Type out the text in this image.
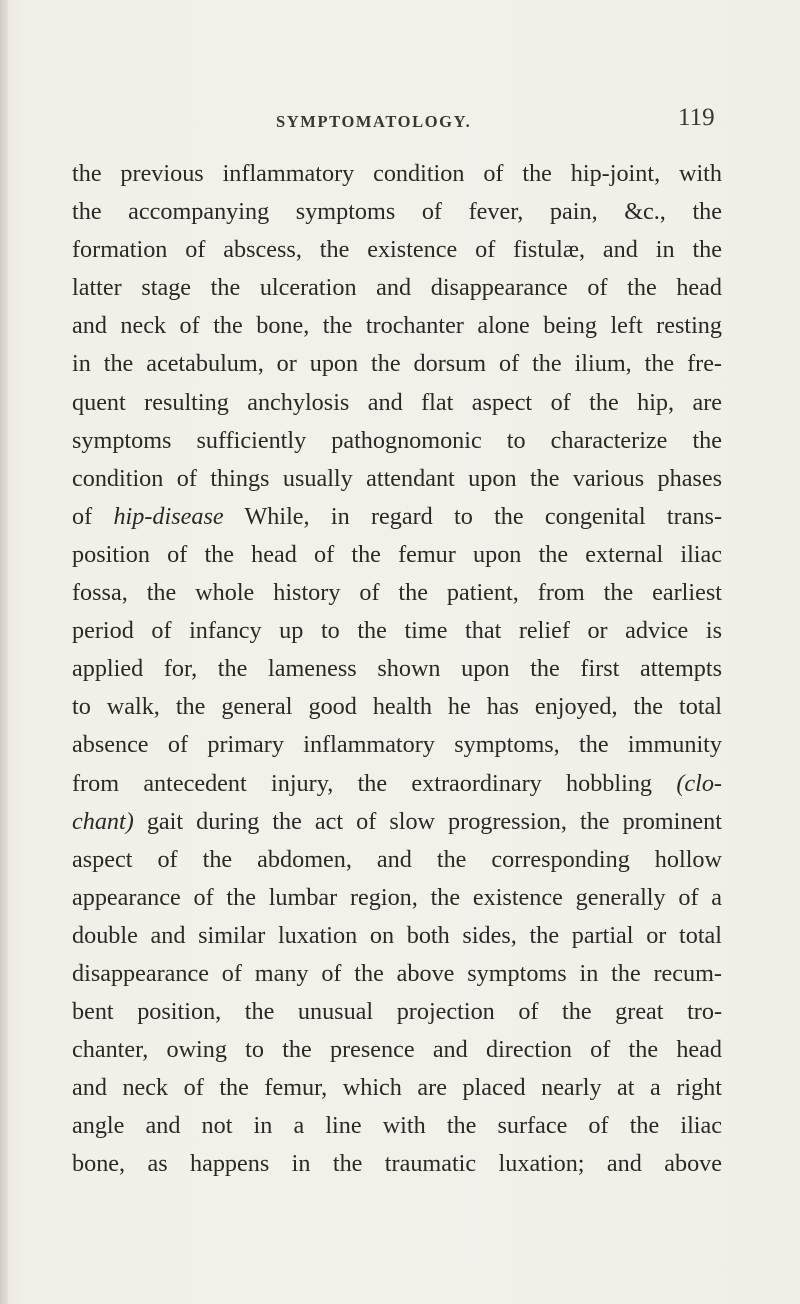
SYMPTOMATOLOGY.	119
the previous inflammatory condition of the hip-joint, with
the accompanying symptoms of fever, pain, &c., the
formation of abscess, the existence of fistulæ, and in the
latter stage the ulceration and disappearance of the head
and neck of the bone, the trochanter alone being left resting
in the acetabulum, or upon the dorsum of the ilium, the fre-
quent resulting anchylosis and flat aspect of the hip, are
symptoms sufficiently pathognomonic to characterize the
condition of things usually attendant upon the various phases
of hip-disease While, in regard to the congenital trans-
position of the head of the femur upon the external iliac
fossa, the whole history of the patient, from the earliest
period of infancy up to the time that relief or advice is
applied for, the lameness shown upon the first attempts
to walk, the general good health he has enjoyed, the total
absence of primary inflammatory symptoms, the immunity
from antecedent injury, the extraordinary hobbling (clo-
chant) gait during the act of slow progression, the prominent
aspect of the abdomen, and the corresponding hollow
appearance of the lumbar region, the existence generally of a
double and similar luxation on both sides, the partial or total
disappearance of many of the above symptoms in the recum-
bent position, the unusual projection of the great tro-
chanter, owing to the presence and direction of the head
and neck of the femur, which are placed nearly at a right
angle and not in a line with the surface of the iliac
bone, as happens in the traumatic luxation; and above
